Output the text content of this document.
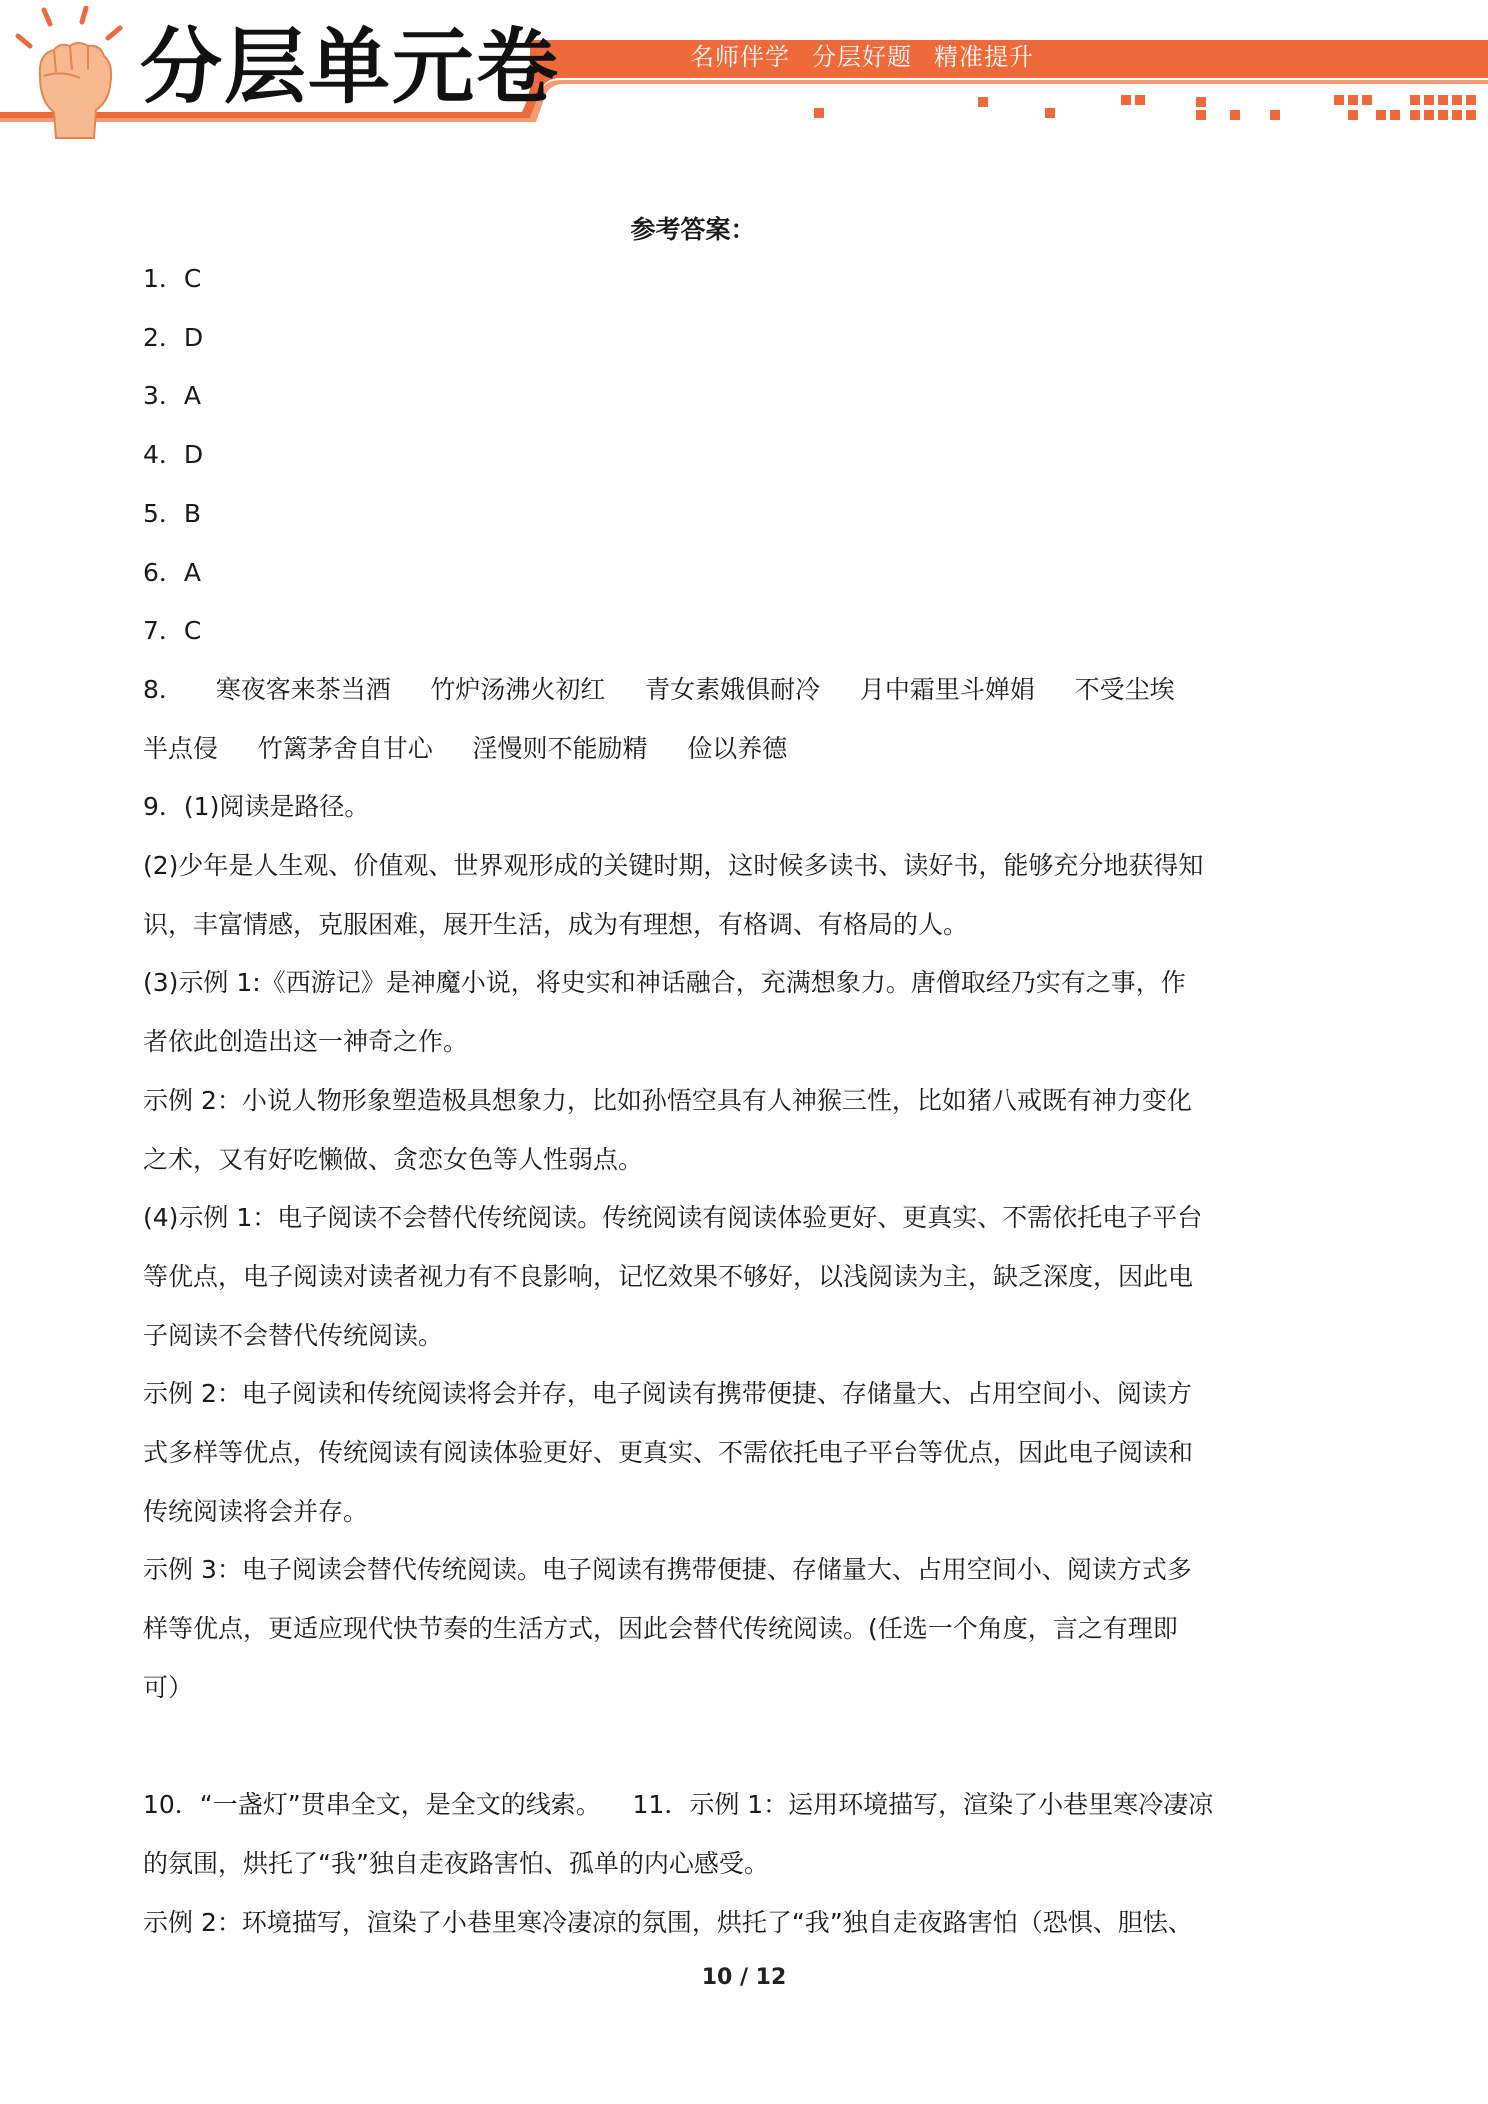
分层单元卷	名师伴学 分层好题 精准提升
参考答案：
1．C
2．D
3．A
4．D
5．B
6．A
7．C
8．    寒夜客来茶当酒     竹炉汤沸火初红     青女素娥俱耐冷     月中霜里斗婵娟     不受尘埃
半点侵     竹篱茅舍自甘心     淫慢则不能励精     俭以养德
9．(1)阅读是路径。
(2)少年是人生观、价值观、世界观形成的关键时期，这时候多读书、读好书，能够充分地获得知
识，丰富情感，克服困难，展开生活，成为有理想，有格调、有格局的人。
(3)示例 1:《西游记》是神魔小说，将史实和神话融合，充满想象力。唐僧取经乃实有之事，作
者依此创造出这一神奇之作。
示例 2：小说人物形象塑造极具想象力，比如孙悟空具有人神猴三性，比如猪八戒既有神力变化
之术，又有好吃懒做、贪恋女色等人性弱点。
(4)示例 1：电子阅读不会替代传统阅读。传统阅读有阅读体验更好、更真实、不需依托电子平台
等优点，电子阅读对读者视力有不良影响，记忆效果不够好，以浅阅读为主，缺乏深度，因此电
子阅读不会替代传统阅读。
示例 2：电子阅读和传统阅读将会并存，电子阅读有携带便捷、存储量大、占用空间小、阅读方
式多样等优点，传统阅读有阅读体验更好、更真实、不需依托电子平台等优点，因此电子阅读和
传统阅读将会并存。
示例 3：电子阅读会替代传统阅读。电子阅读有携带便捷、存储量大、占用空间小、阅读方式多
样等优点，更适应现代快节奏的生活方式，因此会替代传统阅读。(任选一个角度，言之有理即
可）
10．“一盏灯”贯串全文，是全文的线索。    11．示例 1：运用环境描写，渲染了小巷里寒冷凄凉
的氛围，烘托了“我”独自走夜路害怕、孤单的内心感受。
示例 2：环境描写，渲染了小巷里寒冷凄凉的氛围，烘托了“我”独自走夜路害怕（恐惧、胆怯、
10 / 12
